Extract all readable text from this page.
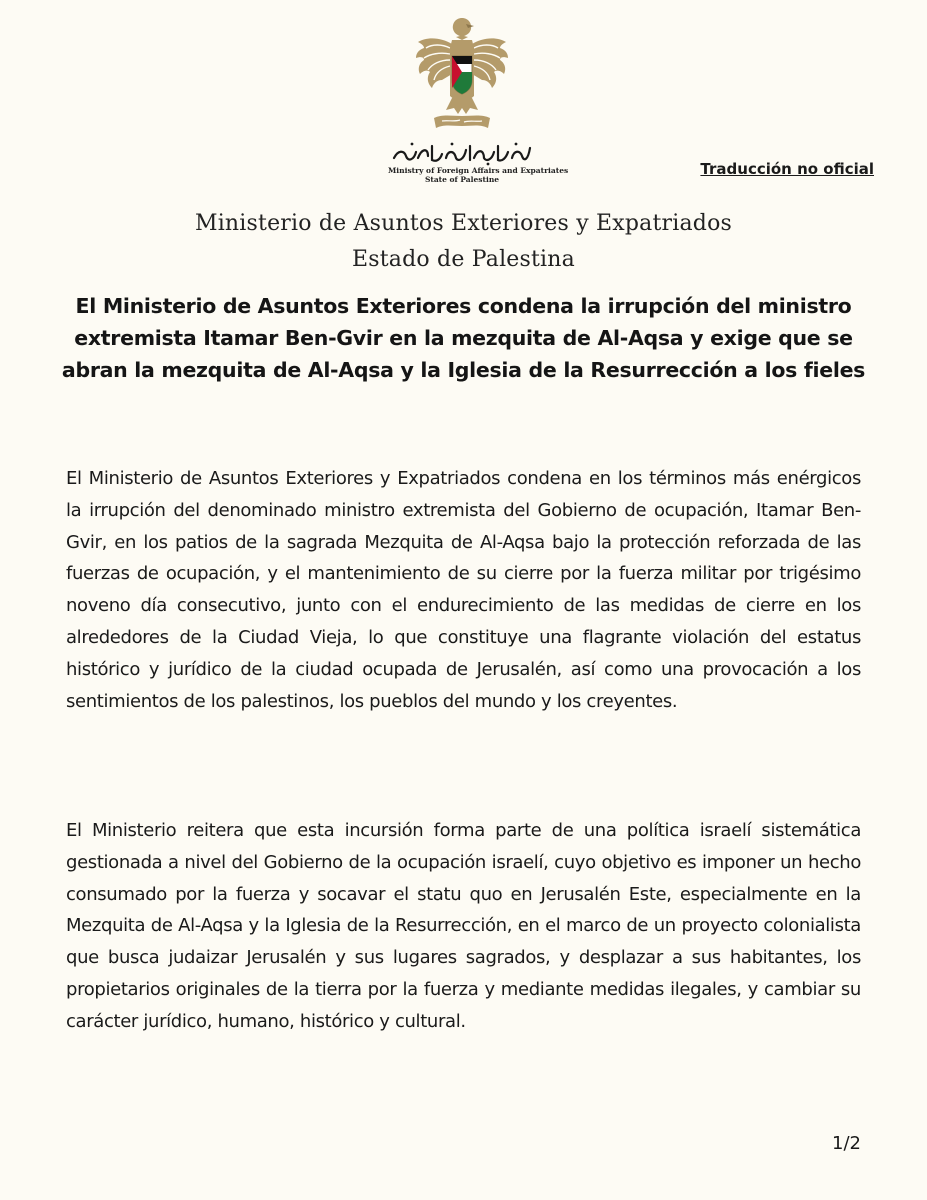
Ministry of Foreign Affairs and Expatriates
State of Palestine
Traducción no oficial
Ministerio de Asuntos Exteriores y Expatriados
Estado de Palestina
El Ministerio de Asuntos Exteriores condena la irrupción del ministro extremista Itamar Ben-Gvir en la mezquita de Al-Aqsa y exige que se abran la mezquita de Al-Aqsa y la Iglesia de la Resurrección a los fieles

El Ministerio de Asuntos Exteriores y Expatriados condena en los términos más enérgicos la irrupción del denominado ministro extremista del Gobierno de ocupación, Itamar Ben-Gvir, en los patios de la sagrada Mezquita de Al-Aqsa bajo la protección reforzada de las fuerzas de ocupación, y el mantenimiento de su cierre por la fuerza militar por trigésimo noveno día consecutivo, junto con el endurecimiento de las medidas de cierre en los alrededores de la Ciudad Vieja, lo que constituye una flagrante violación del estatus histórico y jurídico de la ciudad ocupada de Jerusalén, así como una provocación a los sentimientos de los palestinos, los pueblos del mundo y los creyentes.

El Ministerio reitera que esta incursión forma parte de una política israelí sistemática gestionada a nivel del Gobierno de la ocupación israelí, cuyo objetivo es imponer un hecho consumado por la fuerza y socavar el statu quo en Jerusalén Este, especialmente en la Mezquita de Al-Aqsa y la Iglesia de la Resurrección, en el marco de un proyecto colonialista que busca judaizar Jerusalén y sus lugares sagrados, y desplazar a sus habitantes, los propietarios originales de la tierra por la fuerza y mediante medidas ilegales, y cambiar su carácter jurídico, humano, histórico y cultural.

1/2
